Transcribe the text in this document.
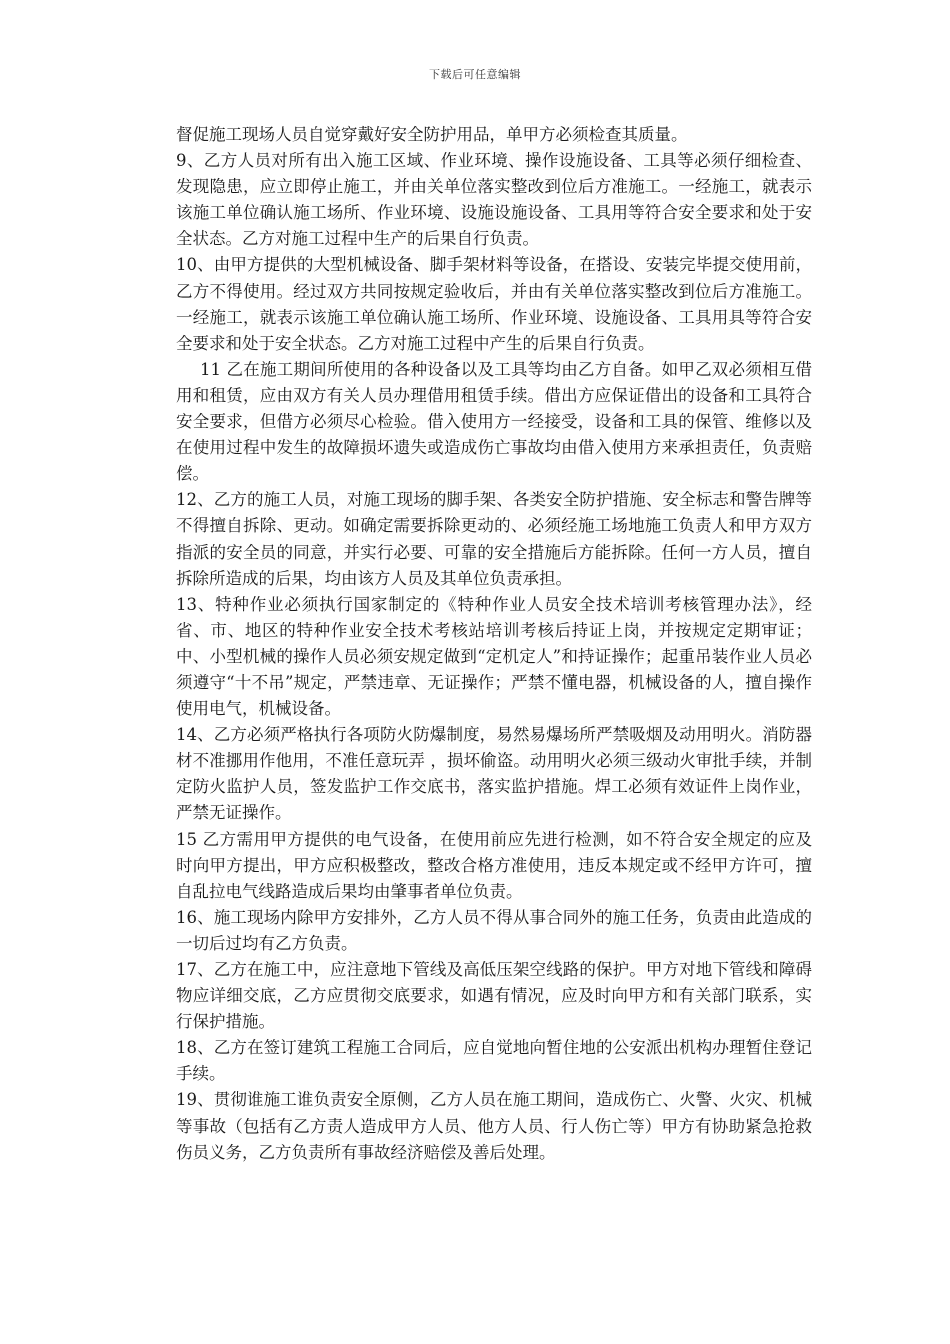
下载后可任意编辑

督促施工现场人员自觉穿戴好安全防护用品，单甲方必须检查其质量。

9、乙方人员对所有出入施工区域、作业环境、操作设施设备、工具等必须仔细检查、发现隐患，应立即停止施工，并由关单位落实整改到位后方准施工。一经施工，就表示该施工单位确认施工场所、作业环境、设施设施设备、工具用等符合安全要求和处于安全状态。乙方对施工过程中生产的后果自行负责。

10、由甲方提供的大型机械设备、脚手架材料等设备，在搭设、安装完毕提交使用前，乙方不得使用。经过双方共同按规定验收后，并由有关单位落实整改到位后方准施工。一经施工，就表示该施工单位确认施工场所、作业环境、设施设备、工具用具等符合安全要求和处于安全状态。乙方对施工过程中产生的后果自行负责。

11 乙在施工期间所使用的各种设备以及工具等均由乙方自备。如甲乙双必须相互借用和租赁，应由双方有关人员办理借用租赁手续。借出方应保证借出的设备和工具符合安全要求，但借方必须尽心检验。借入使用方一经接受，设备和工具的保管、维修以及在使用过程中发生的故障损坏遗失或造成伤亡事故均由借入使用方来承担责任，负责赔偿。

12、乙方的施工人员，对施工现场的脚手架、各类安全防护措施、安全标志和警告牌等不得擅自拆除、更动。如确定需要拆除更动的、必须经施工场地施工负责人和甲方双方指派的安全员的同意，并实行必要、可靠的安全措施后方能拆除。任何一方人员，擅自拆除所造成的后果，均由该方人员及其单位负责承担。

13、特种作业必须执行国家制定的《特种作业人员安全技术培训考核管理办法》，经省、市、地区的特种作业安全技术考核站培训考核后持证上岗，并按规定定期审证；中、小型机械的操作人员必须安规定做到“定机定人”和持证操作；起重吊装作业人员必须遵守“十不吊”规定，严禁违章、无证操作；严禁不懂电器，机械设备的人，擅自操作使用电气，机械设备。

14、乙方必须严格执行各项防火防爆制度，易然易爆场所严禁吸烟及动用明火。消防器材不准挪用作他用，不准任意玩弄 ，损坏偷盗。动用明火必须三级动火审批手续，并制定防火监护人员，签发监护工作交底书，落实监护措施。焊工必须有效证件上岗作业，严禁无证操作。

15 乙方需用甲方提供的电气设备，在使用前应先进行检测，如不符合安全规定的应及时向甲方提出，甲方应积极整改，整改合格方准使用，违反本规定或不经甲方许可，擅自乱拉电气线路造成后果均由肇事者单位负责。

16、施工现场内除甲方安排外，乙方人员不得从事合同外的施工任务，负责由此造成的一切后过均有乙方负责。

17、乙方在施工中，应注意地下管线及高低压架空线路的保护。甲方对地下管线和障碍物应详细交底，乙方应贯彻交底要求，如遇有情况，应及时向甲方和有关部门联系，实行保护措施。

18、乙方在签订建筑工程施工合同后，应自觉地向暂住地的公安派出机构办理暂住登记手续。

19、贯彻谁施工谁负责安全原侧，乙方人员在施工期间，造成伤亡、火警、火灾、机械等事故（包括有乙方责人造成甲方人员、他方人员、行人伤亡等）甲方有协助紧急抢救伤员义务，乙方负责所有事故经济赔偿及善后处理。
